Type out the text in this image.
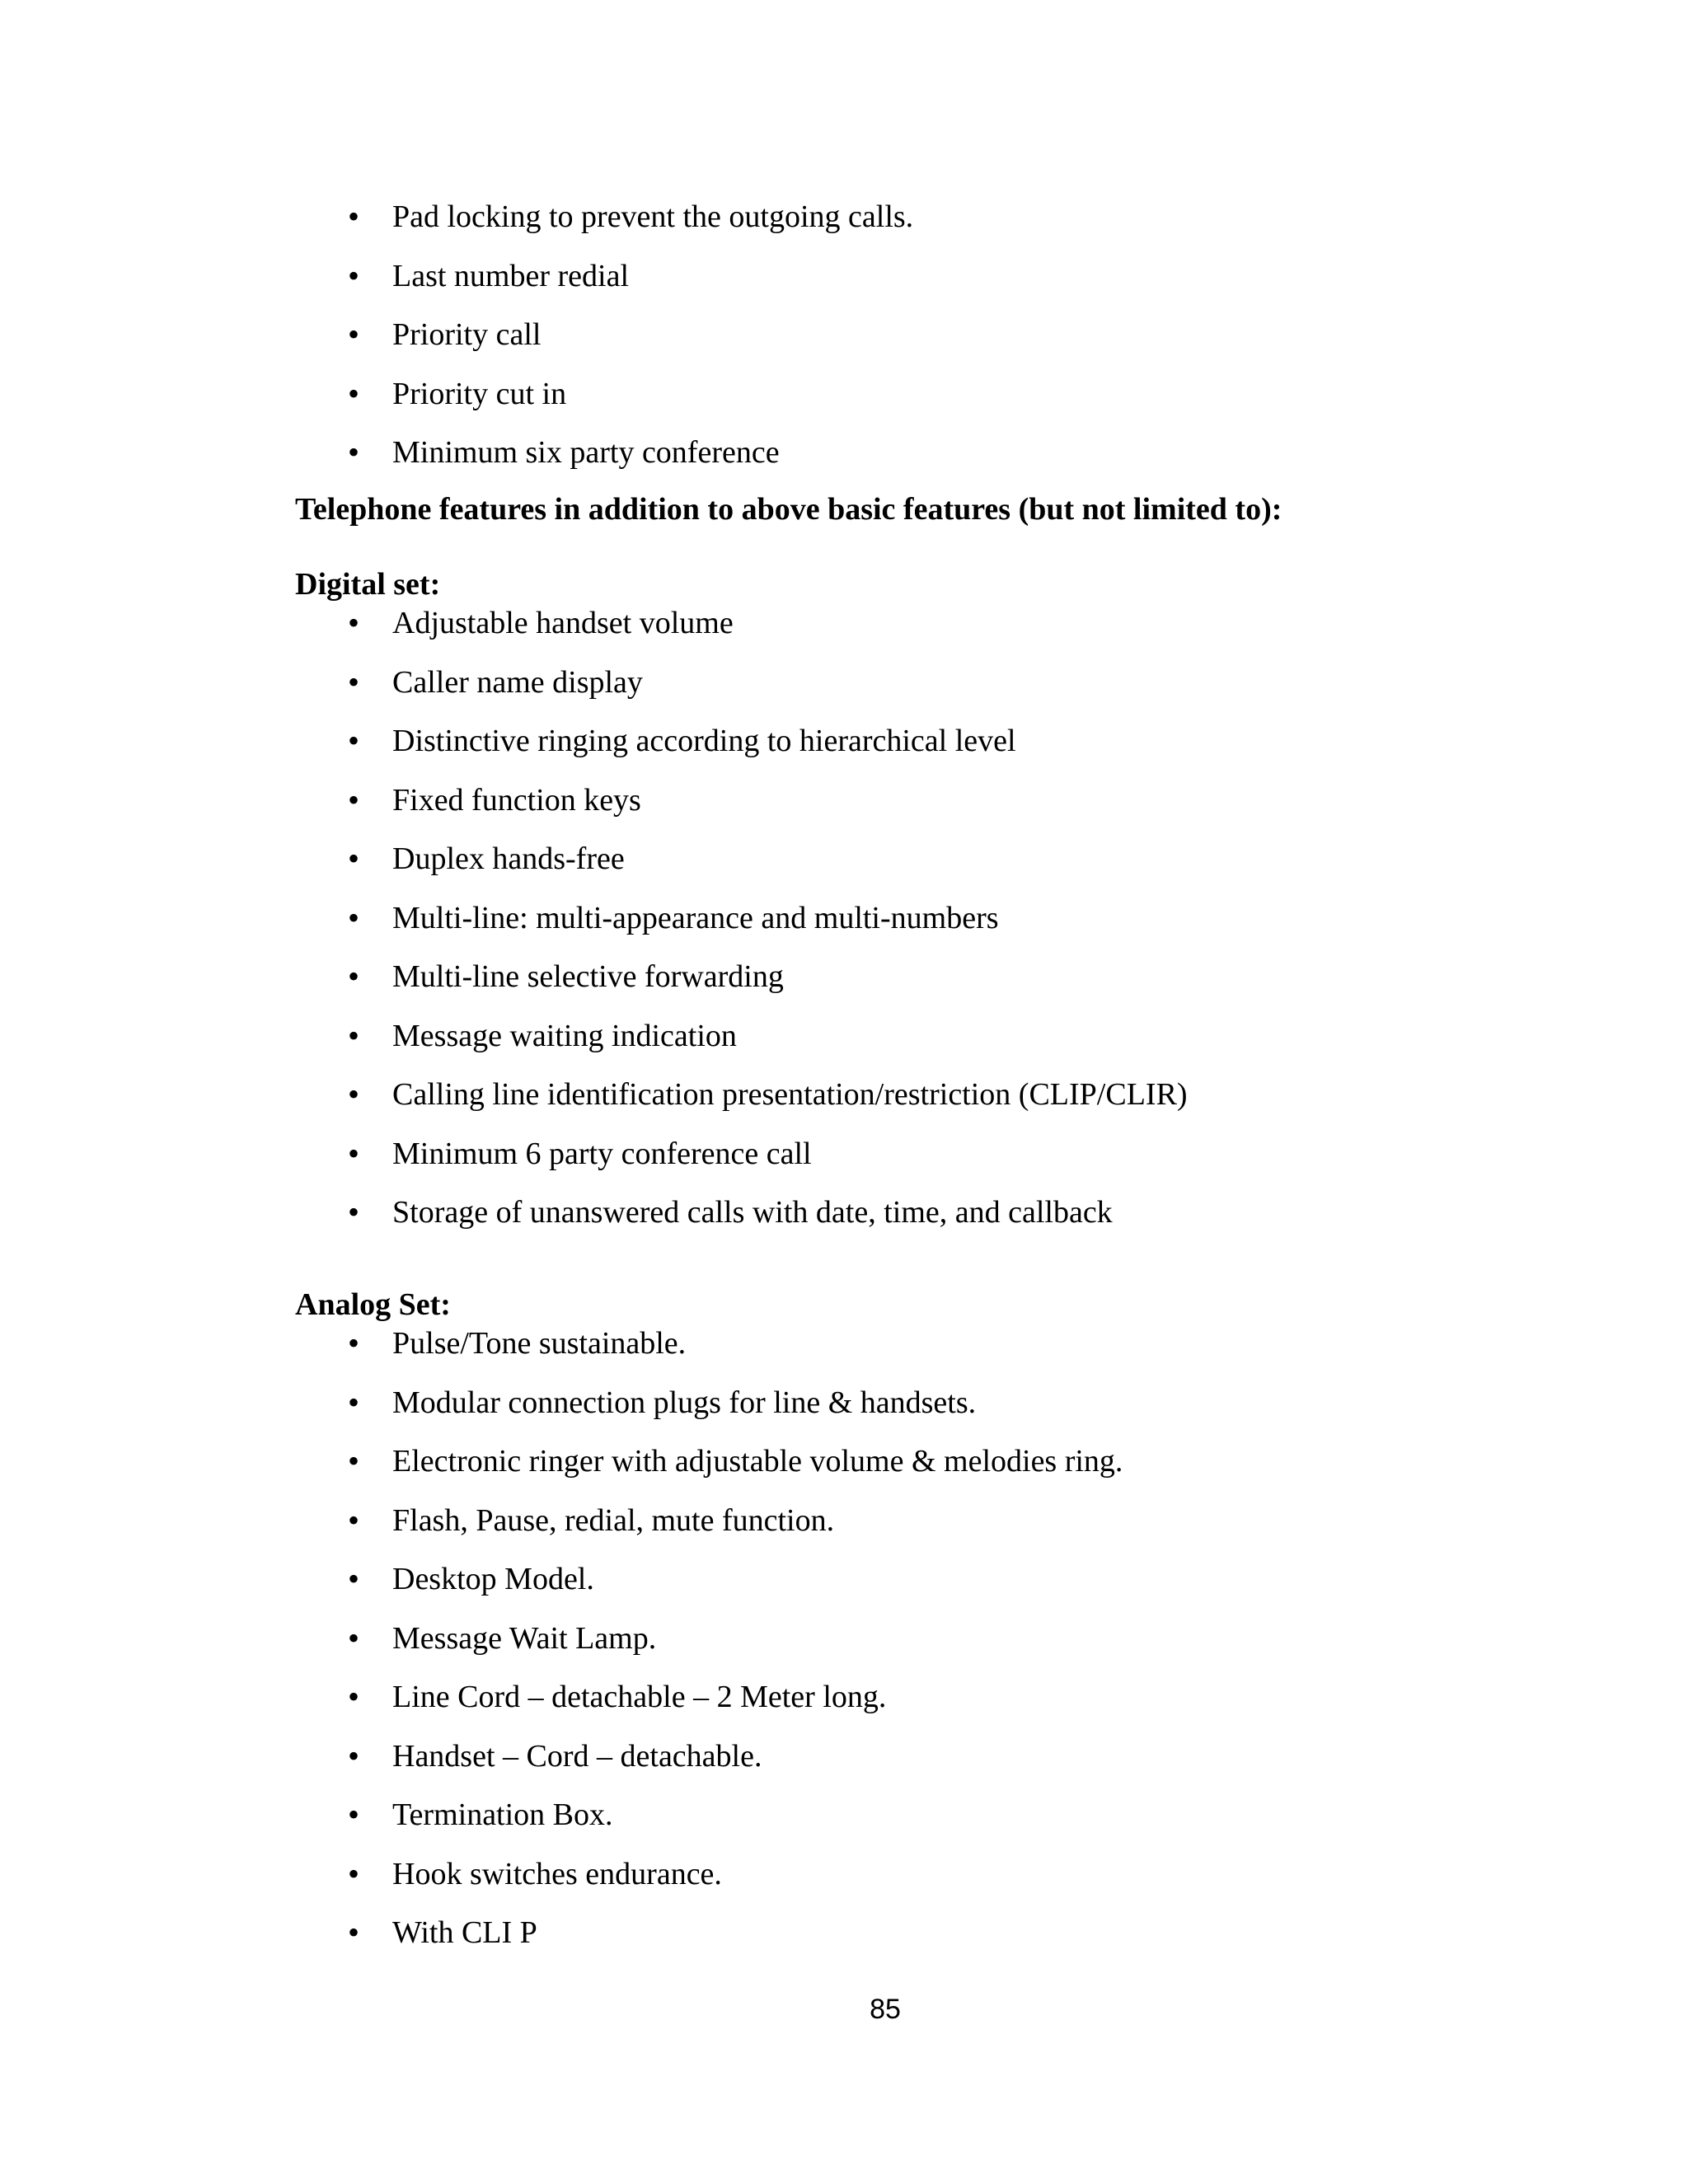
• Pad locking to prevent the outgoing calls.
• Last number redial
• Priority call
• Priority cut in
• Minimum six party conference
Telephone features in addition to above basic features (but not limited to):
Digital set:
• Adjustable handset volume
• Caller name display
• Distinctive ringing according to hierarchical level
• Fixed function keys
• Duplex hands-free
• Multi-line: multi-appearance and multi-numbers
• Multi-line selective forwarding
• Message waiting indication
• Calling line identification presentation/restriction (CLIP/CLIR)
• Minimum 6 party conference call
• Storage of unanswered calls with date, time, and callback
Analog Set:
• Pulse/Tone sustainable.
• Modular connection plugs for line & handsets.
• Electronic ringer with adjustable volume & melodies ring.
• Flash, Pause, redial, mute function.
• Desktop Model.
• Message Wait Lamp.
• Line Cord – detachable – 2 Meter long.
• Handset – Cord – detachable.
• Termination Box.
• Hook switches endurance.
• With CLI P
85
